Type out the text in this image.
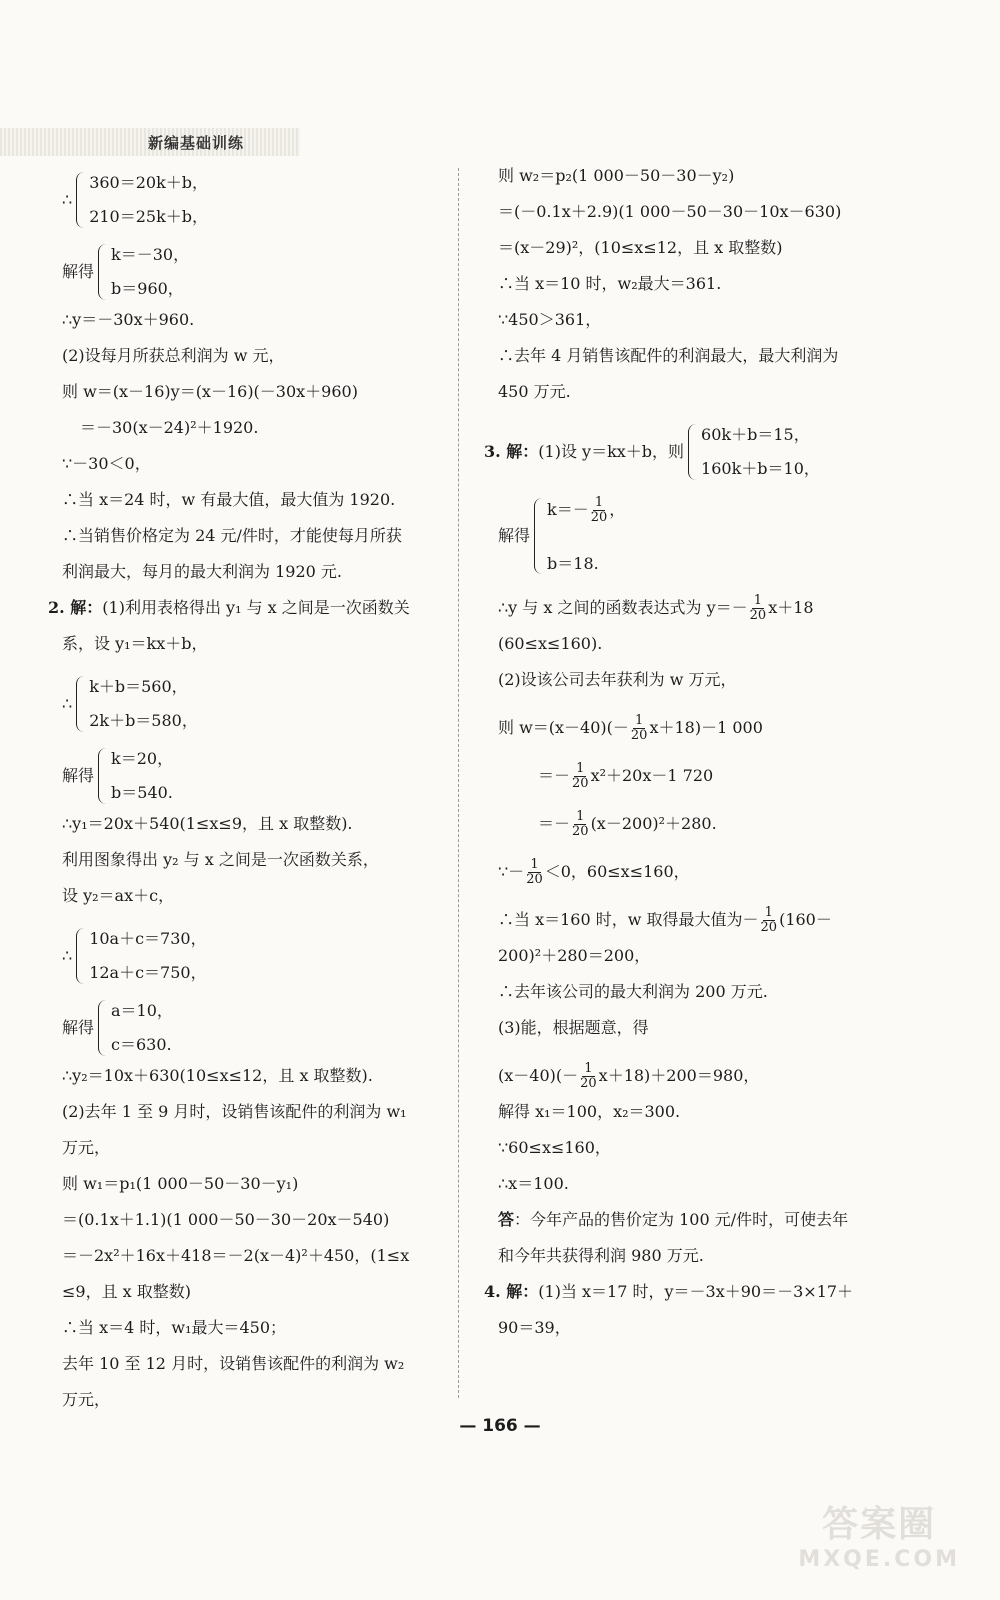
新编基础训练
∴
360＝20k＋b，
210＝25k＋b，
解得
k＝－30，
b＝960，
∴y＝－30x＋960.
(2)设每月所获总利润为 w 元，
则 w＝(x－16)y＝(x－16)(－30x＋960)
＝－30(x－24)²＋1920.
∵－30＜0，
∴当 x＝24 时，w 有最大值，最大值为 1920.
∴当销售价格定为 24 元/件时，才能使每月所获
利润最大，每月的最大利润为 1920 元.
2. 解：(1)利用表格得出 y₁ 与 x 之间是一次函数关
系，设 y₁＝kx＋b，
∴
k＋b＝560，
2k＋b＝580，
解得
k＝20，
b＝540.
∴y₁＝20x＋540(1≤x≤9，且 x 取整数).
利用图象得出 y₂ 与 x 之间是一次函数关系，
设 y₂＝ax＋c，
∴
10a＋c＝730，
12a＋c＝750，
解得
a＝10，
c＝630.
∴y₂＝10x＋630(10≤x≤12，且 x 取整数).
(2)去年 1 至 9 月时，设销售该配件的利润为 w₁
万元，
则 w₁＝p₁(1 000－50－30－y₁)
＝(0.1x＋1.1)(1 000－50－30－20x－540)
＝－2x²＋16x＋418＝－2(x－4)²＋450，(1≤x
≤9，且 x 取整数)
∴当 x＝4 时，w₁最大＝450；
去年 10 至 12 月时，设销售该配件的利润为 w₂
万元，
则 w₂＝p₂(1 000－50－30－y₂)
＝(－0.1x＋2.9)(1 000－50－30－10x－630)
＝(x－29)²，(10≤x≤12，且 x 取整数)
∴当 x＝10 时，w₂最大＝361.
∵450＞361，
∴去年 4 月销售该配件的利润最大，最大利润为
450 万元.
3. 解： (1)设 y＝kx＋b，则
60k＋b＝15，
160k＋b＝10，
解得
$k=- \frac{1}{20}$ ，
b＝18.
∴y 与 x 之间的函数表达式为 $y=- \frac{1}{20} x+18$
(60≤x≤160).
(2)设该公司去年获利为 w 万元，
则 $w=(x-40)(- \frac{1}{20} x+18)-1$ 000
＝－ $\frac{1}{20} x^2+20x-1$ 720
＝－ $\frac{1}{20} (x-200)^2+280$.
∵－ $\frac{1}{20} <0$，60≤x≤160，
∴当 x＝160 时，w 取得最大值为－ $\frac{1}{20} (160-$
200)²＋280＝200，
∴去年该公司的最大利润为 200 万元.
(3)能，根据题意，得
$(x-40)(- \frac{1}{20} x+18)+200=980$，
解得 x₁＝100，x₂＝300.
∵60≤x≤160，
∴x＝100.
答：今年产品的售价定为 100 元/件时，可使去年
和今年共获得利润 980 万元.
4. 解：(1)当 x＝17 时，y＝－3x＋90＝－3×17＋
90＝39，
— 166 —
答案圈
MXQE.COM
